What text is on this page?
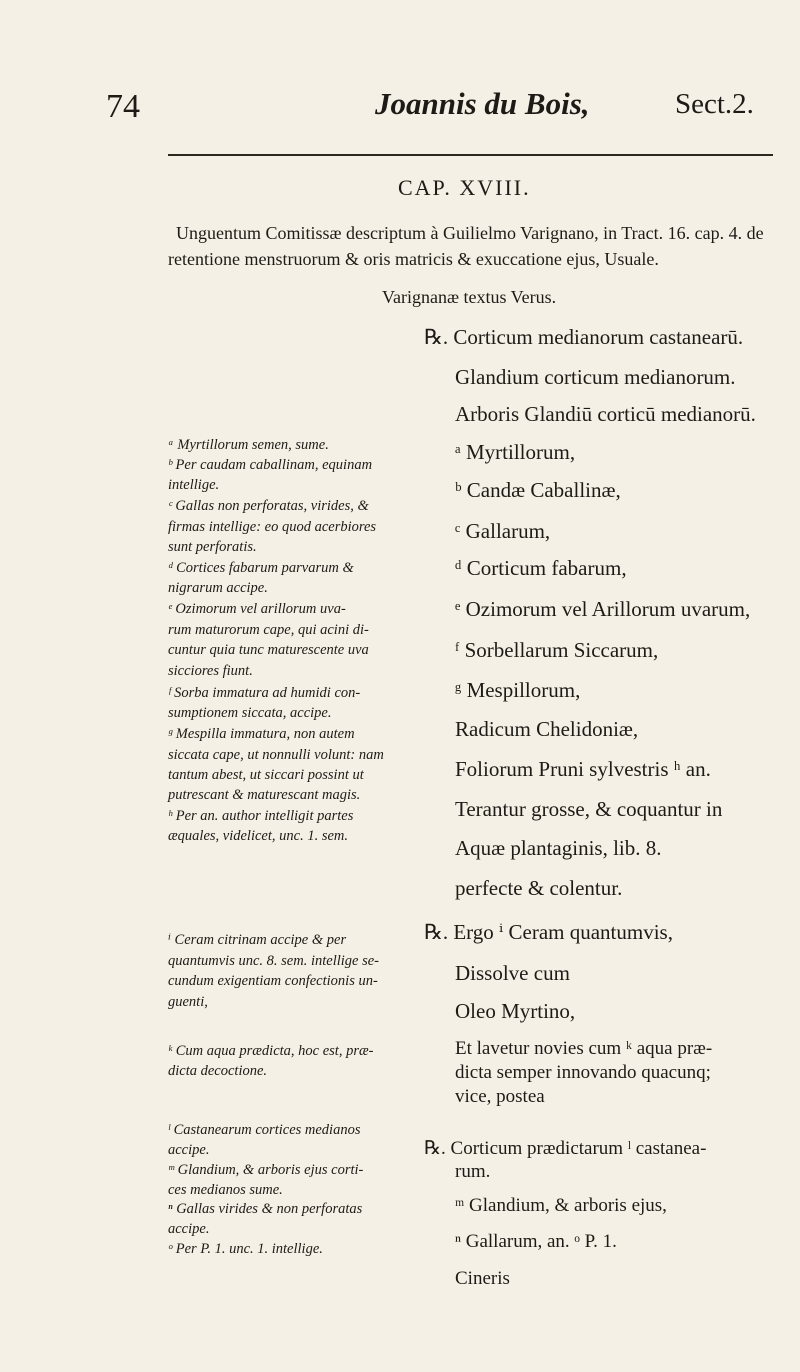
74	Joannis du Bois,	Sect.2.
CAP. XVIII.

Unguentum Comitissæ descriptum à Guilielmo Varignano, in Tract. 16. cap. 4. de

retentione menstruorum & oris matricis & exuccatione ejus, Usuale.

Varignanæ textus Verus.
℞. Corticum medianorum castanearū.
Glandium corticum medianorum.
Arboris Glandiū corticū medianorū.
ᵃ Myrtillorum,
ᵇ Candæ Caballinæ,
ᶜ Gallarum,
ᵈ Corticum fabarum,
ᵉ Ozimorum vel Arillorum uvarum,
ᶠ Sorbellarum Siccarum,
ᵍ Mespillorum,
Radicum Chelidoniæ,
Foliorum Pruni sylvestris ʰ an.
Terantur grosse, & coquantur in
Aquæ plantaginis, lib. 8.
perfecte & colentur.
℞. Ergo ⁱ Ceram quantumvis,
Dissolve cum
Oleo Myrtino,
Et lavetur novies cum ᵏ aqua præ-
dicta semper innovando quacunq;
vice, postea
℞. Corticum prædictarum ˡ castanea-
rum.
ᵐ Glandium, & arboris ejus,
ⁿ Gallarum, an. ᵒ P. 1.
Cineris
ᵃ Myrtillorum semen, sume.
ᵇ Per caudam caballinam, equinam
intellige.
ᶜ Gallas non perforatas, virides, &
firmas intellige: eo quod acerbiores
sunt perforatis.
ᵈ Cortices fabarum parvarum &
nigrarum accipe.
ᵉ Ozimorum vel arillorum uva-
rum maturorum cape, qui acini di-
cuntur quia tunc maturescente uva
sicciores fiunt.
ᶠ Sorba immatura ad humidi con-
sumptionem siccata, accipe.
ᵍ Mespilla immatura, non autem
siccata cape, ut nonnulli volunt: nam
tantum abest, ut siccari possint ut
putrescant & maturescant magis.
ʰ Per an. author intelligit partes
æquales, videlicet, unc. 1. sem.
ⁱ Ceram citrinam accipe & per
quantumvis unc. 8. sem. intellige se-
cundum exigentiam confectionis un-
guenti,
ᵏ Cum aqua prædicta, hoc est, præ-
dicta decoctione.
ˡ Castanearum cortices medianos
accipe.
ᵐ Glandium, & arboris ejus corti-
ces medianos sume.
ⁿ Gallas virides & non perforatas
accipe.
ᵒ Per P. 1. unc. 1. intellige.
